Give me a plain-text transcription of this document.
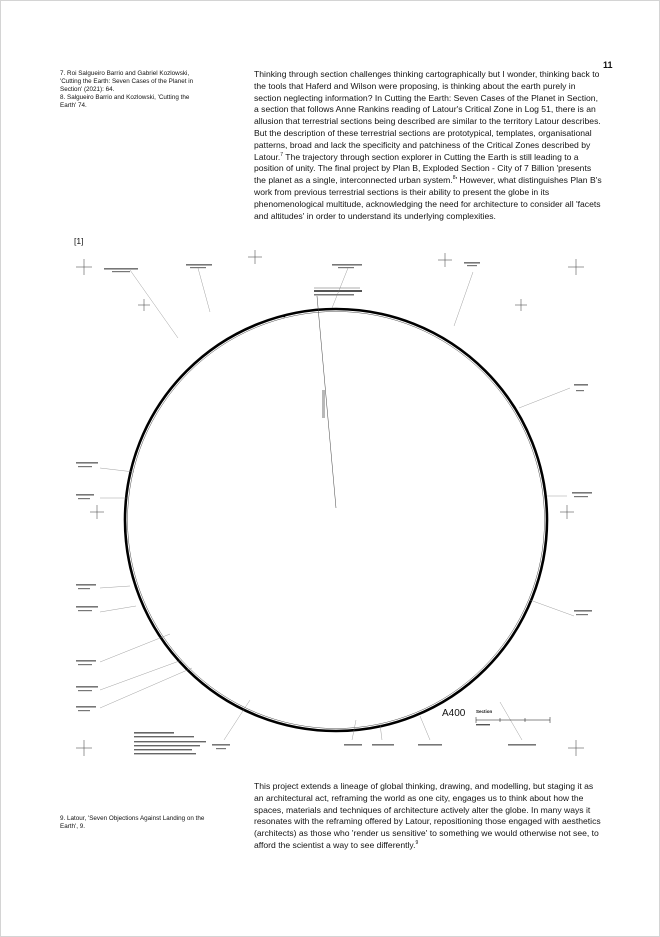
11

7. Roi Salgueiro Barrio and Gabriel Kozlowski, 'Cutting the Earth: Seven Cases of the Planet in Section' (2021): 64.

8. Salgueiro Barrio and Kozlowski, 'Cutting the Earth' 74.

Thinking through section challenges thinking cartographically but I wonder, thinking back to the tools that Haferd and Wilson were proposing, is thinking about the earth purely in section neglecting information? In Cutting the Earth: Seven Cases of the Planet in Section, a section that follows Anne Rankins reading of Latour's Critical Zone in Log 51, there is an allusion that terrestrial sections being described are similar to the territory Latour describes. But the description of these terrestrial sections are prototypical, templates, organisational patterns, broad and lack the specificity and patchiness of the Critical Zones described by Latour.$^7$ The trajectory through section explorer in Cutting the Earth is still leading to a position of unity. The final project by Plan B, Exploded Section - City of 7 Billion 'presents the planet as a single, interconnected urban system.$^8$' However, what distinguishes Plan B's work from previous terrestrial sections is their ability to present the globe in its phenomenological multitude, acknowledging the need for architecture to consider all 'facets and altitudes' in order to understand its underlying complexities.

[1]
A400 Section

This project extends a lineage of global thinking, drawing, and modelling, but staging it as an architectural act, reframing the world as one city, engages us to think about how the spaces, materials and techniques of architecture actively alter the globe. In many ways it resonates with the reframing offered by Latour, repositioning those engaged with aesthetics (architects) as those who 'render us sensitive' to something we would otherwise not see, to afford the scientist a way to see differently.$^9$

9. Latour, 'Seven Objections Against Landing on the Earth', 9.
